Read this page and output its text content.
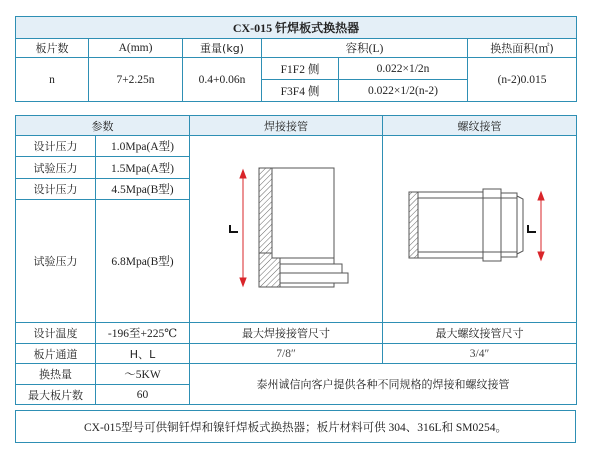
CX-015 钎焊板式换热器					
板片数	A(mm)	重量(kg)	容积(L)		换热面积(㎡)
n	7+2.25n	0.4+0.06n	F1F2 侧	0.022×1/2n	(n-2)0.015
			F3F4 侧	0.022×1/2(n-2)	
参数		焊接接管	螺纹接管
设计压力	1.0Mpa(A型)		
试验压力	1.5Mpa(A型)		
设计压力	4.5Mpa(B型)		
试验压力	6.8Mpa(B型)		
设计温度	-196至+225℃	最大焊接接管尺寸	最大螺纹接管尺寸
板片通道	H、L	7/8″	3/4″
换热量	～5KW	泰州诚信向客户提供各种不同规格的焊接和螺纹接管	
最大板片数	60		
CX-015型号可供铜钎焊和镍钎焊板式换热器；板片材料可供 304、316L和 SM0254。
